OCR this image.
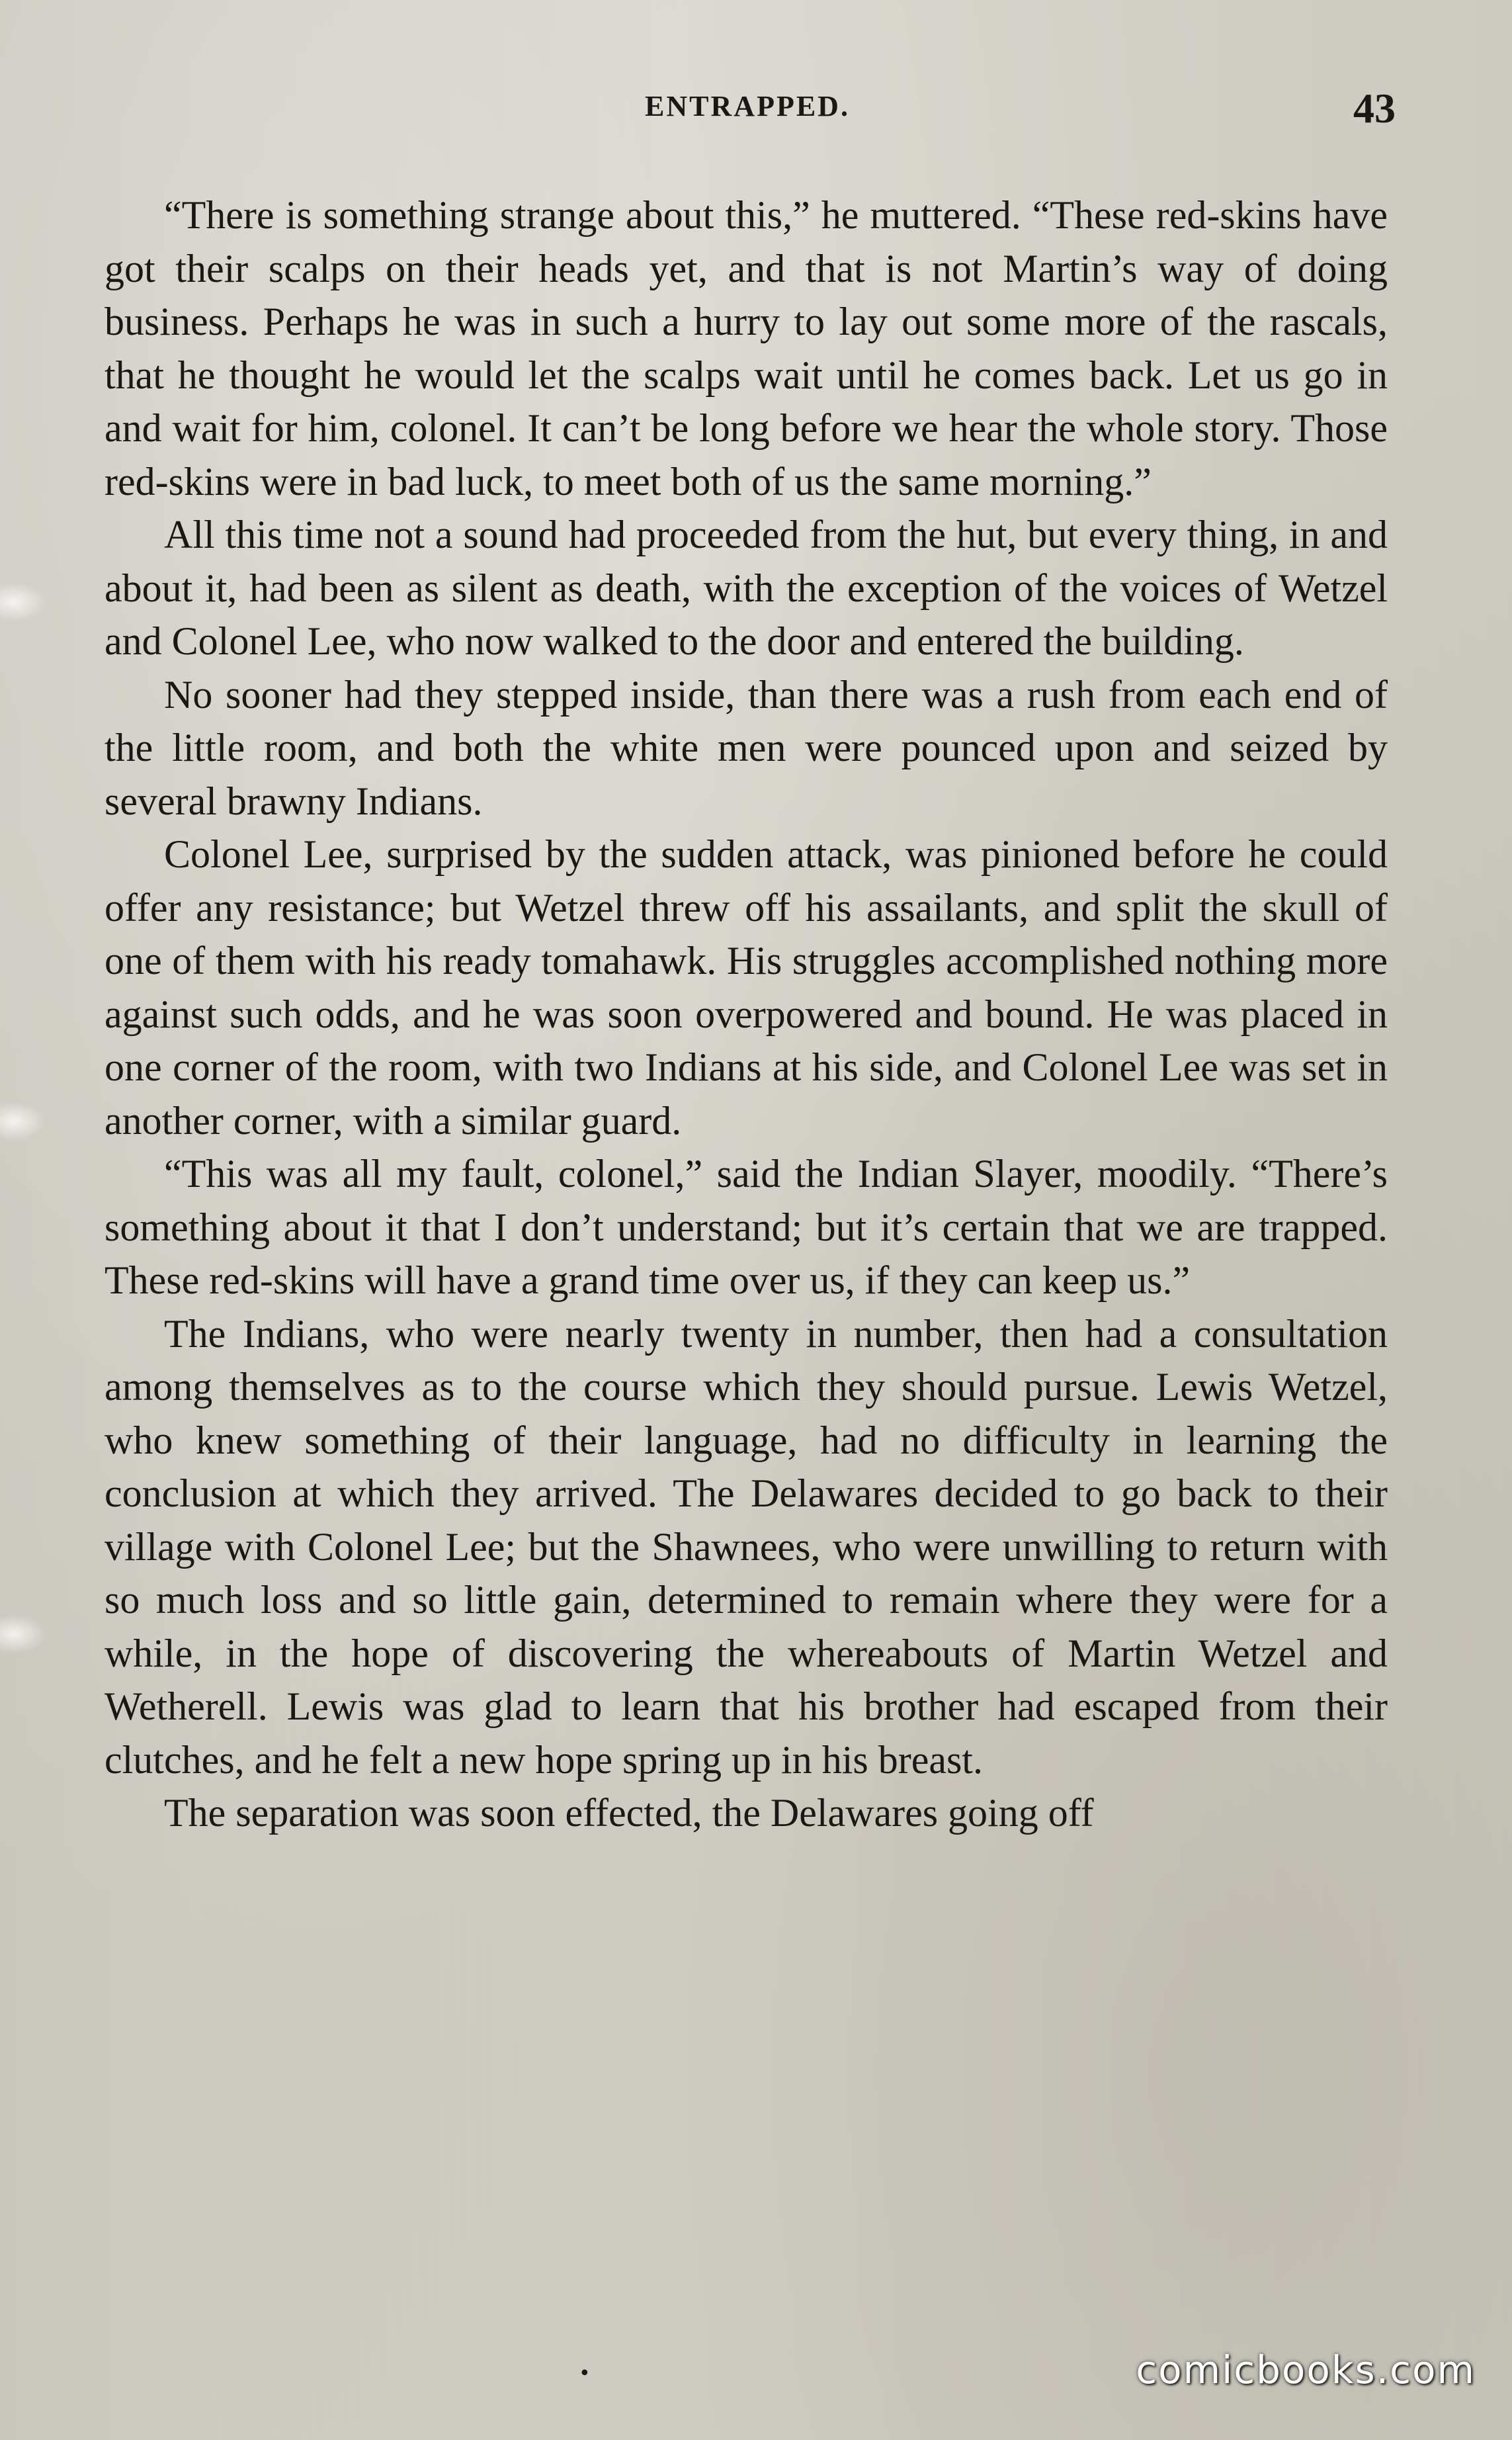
ENTRAPPED.	43

“There is something strange about this,” he muttered. “These red-skins have got their scalps on their heads yet, and that is not Martin’s way of doing business. Perhaps he was in such a hurry to lay out some more of the rascals, that he thought he would let the scalps wait until he comes back. Let us go in and wait for him, colonel. It can’t be long before we hear the whole story. Those red-skins were in bad luck, to meet both of us the same morning.”

All this time not a sound had proceeded from the hut, but every thing, in and about it, had been as silent as death, with the exception of the voices of Wetzel and Colonel Lee, who now walked to the door and entered the building.

No sooner had they stepped inside, than there was a rush from each end of the little room, and both the white men were pounced upon and seized by several brawny Indians.

Colonel Lee, surprised by the sudden attack, was pinioned before he could offer any resistance; but Wetzel threw off his assailants, and split the skull of one of them with his ready tomahawk. His struggles accomplished nothing more against such odds, and he was soon overpowered and bound. He was placed in one corner of the room, with two Indians at his side, and Colonel Lee was set in another corner, with a similar guard.

“This was all my fault, colonel,” said the Indian Slayer, moodily. “There’s something about it that I don’t understand; but it’s certain that we are trapped. These red-skins will have a grand time over us, if they can keep us.”

The Indians, who were nearly twenty in number, then had a consultation among themselves as to the course which they should pursue. Lewis Wetzel, who knew something of their language, had no difficulty in learning the conclusion at which they arrived. The Delawares decided to go back to their village with Colonel Lee; but the Shawnees, who were unwilling to return with so much loss and so little gain, determined to remain where they were for a while, in the hope of discovering the whereabouts of Martin Wetzel and Wetherell. Lewis was glad to learn that his brother had escaped from their clutches, and he felt a new hope spring up in his breast.

The separation was soon effected, the Delawares going off

•	comicbooks.com
